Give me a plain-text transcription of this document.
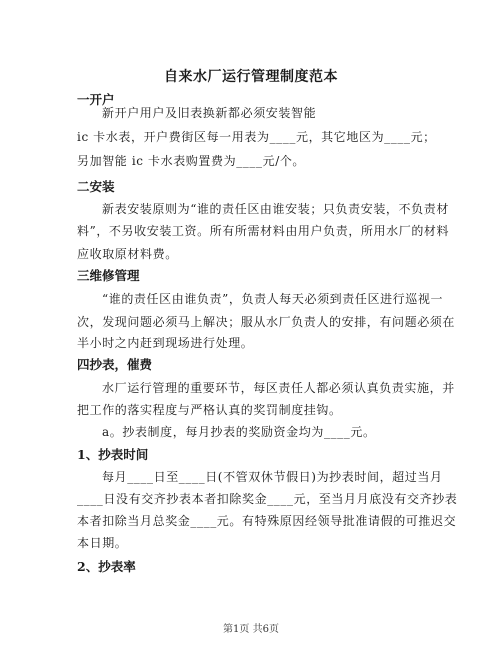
自来水厂运行管理制度范本
一开户
新开户用户及旧表换新都必须安装智能
ic 卡水表，开户费街区每一用表为____元，其它地区为____元；
另加智能 ic 卡水表购置费为____元/个。
二安装
新表安装原则为“谁的责任区由谁安装；只负责安装，不负责材
料”，不另收安装工资。所有所需材料由用户负责，所用水厂的材料
应收取原材料费。
三维修管理
“谁的责任区由谁负责”，负责人每天必须到责任区进行巡视一
次，发现问题必须马上解决；服从水厂负责人的安排，有问题必须在
半小时之内赶到现场进行处理。
四抄表，催费
水厂运行管理的重要环节，每区责任人都必须认真负责实施，并
把工作的落实程度与严格认真的奖罚制度挂钩。
a。抄表制度，每月抄表的奖励资金均为____元。
1、抄表时间
每月____日至____日(不管双休节假日)为抄表时间，超过当月
____日没有交齐抄表本者扣除奖金____元，至当月月底没有交齐抄表
本者扣除当月总奖金____元。有特殊原因经领导批准请假的可推迟交
本日期。
2、抄表率
第1页 共6页
